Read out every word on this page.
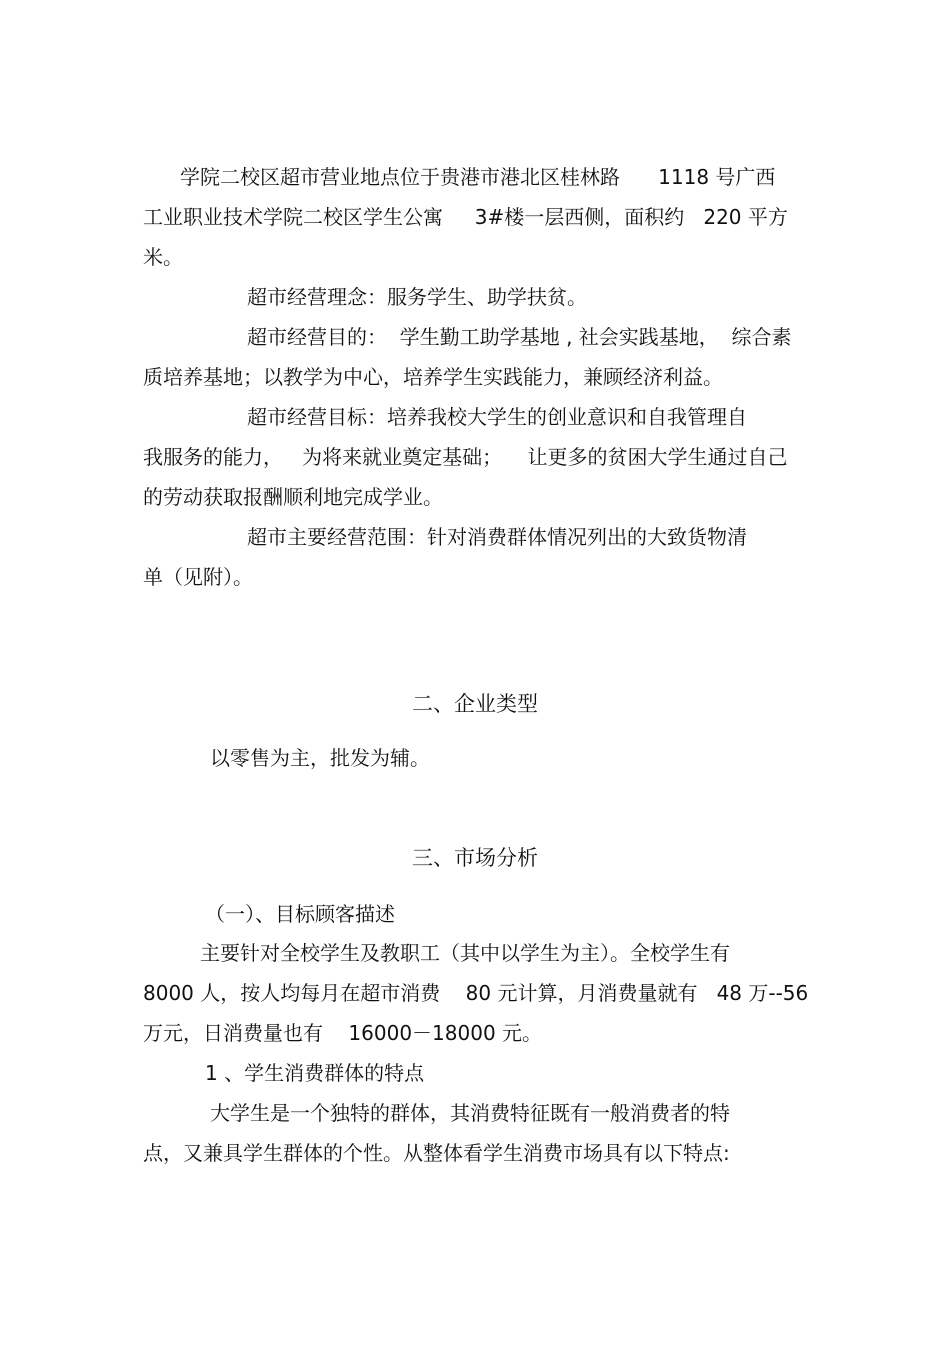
学院二校区超市营业地点位于贵港市港北区桂林路      1118 号广西

工业职业技术学院二校区学生公寓     3#楼一层西侧，面积约   220 平方

米。

超市经营理念：服务学生、助学扶贫。

超市经营目的：  学生勤工助学基地 , 社会实践基地，  综合素

质培养基地；以教学为中心，培养学生实践能力，兼顾经济利益。

超市经营目标：培养我校大学生的创业意识和自我管理自

我服务的能力，   为将来就业奠定基础；    让更多的贫困大学生通过自己

的劳动获取报酬顺利地完成学业。

超市主要经营范围：针对消费群体情况列出的大致货物清

单（见附）。

二、企业类型

以零售为主，批发为辅。

三、市场分析

（一）、目标顾客描述

主要针对全校学生及教职工（其中以学生为主）。全校学生有

8000 人，按人均每月在超市消费    80 元计算，月消费量就有   48 万--56

万元，日消费量也有    16000－18000 元。

1 、学生消费群体的特点

大学生是一个独特的群体，其消费特征既有一般消费者的特

点，又兼具学生群体的个性。从整体看学生消费市场具有以下特点:
